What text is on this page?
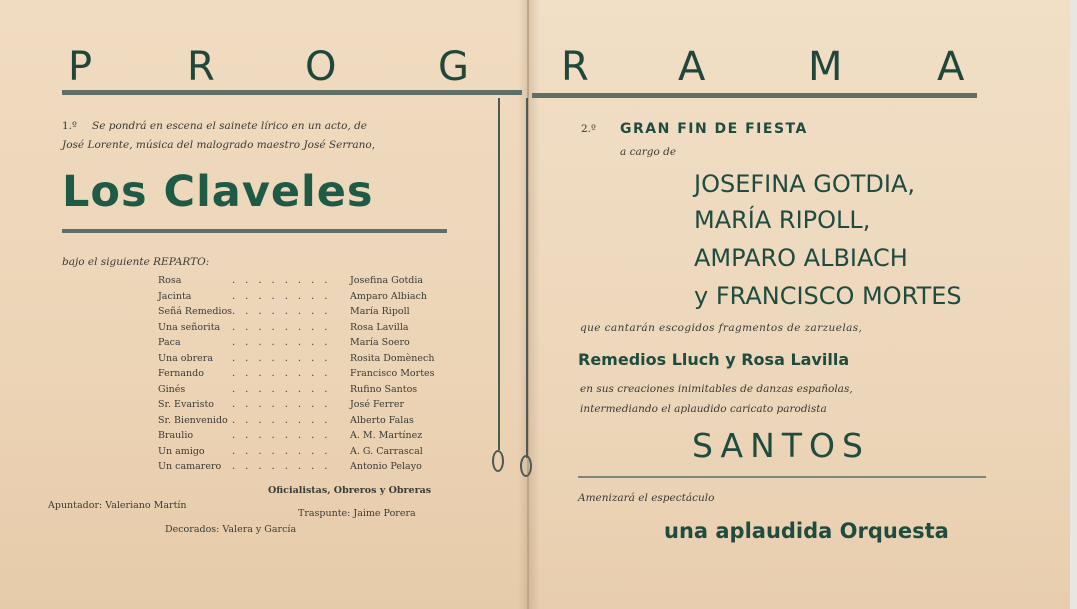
P R O	G R A	M A
1.º Se pondrá en escena el sainete lírico en un acto, de
José Lorente, música del malogrado maestro José Serrano,
Los Claveles
bajo el siguiente REPARTO:
Rosa	........ Josefina Gotdia
Jacinta	........ Amparo Albiach
Señá Remedios ........ María Ripoll
Una señorita ........ Rosa Lavilla
Paca	........ María Soero
Una obrera ........ Rosita Domènech
Fernando	........ Francisco Mortes
Ginés	........ Rufino Santos
Sr. Evaristo ........ José Ferrer
Sr. Bienvenido ........ Alberto Falas
Braulio	........ A. M. Martínez
Un amigo	........ A. G. Carrascal
Un camarero ........ Antonio Pelayo
Oficialistas, Obreros y Obreras
Apuntador: Valeriano Martín
Traspunte: Jaime Porera
Decorados: Valera y García
2.º GRAN FIN DE FIESTA
a cargo de
JOSEFINA GOTDIA,
MARÍA RIPOLL,
AMPARO ALBIACH
y FRANCISCO MORTES
que cantarán escogidos fragmentos de zarzuelas,
Remedios Lluch y Rosa Lavilla
en sus creaciones inimitables de danzas españolas,
intermediando el aplaudido caricato parodista
SANTOS
Amenizará el espectáculo
una aplaudida Orquesta
